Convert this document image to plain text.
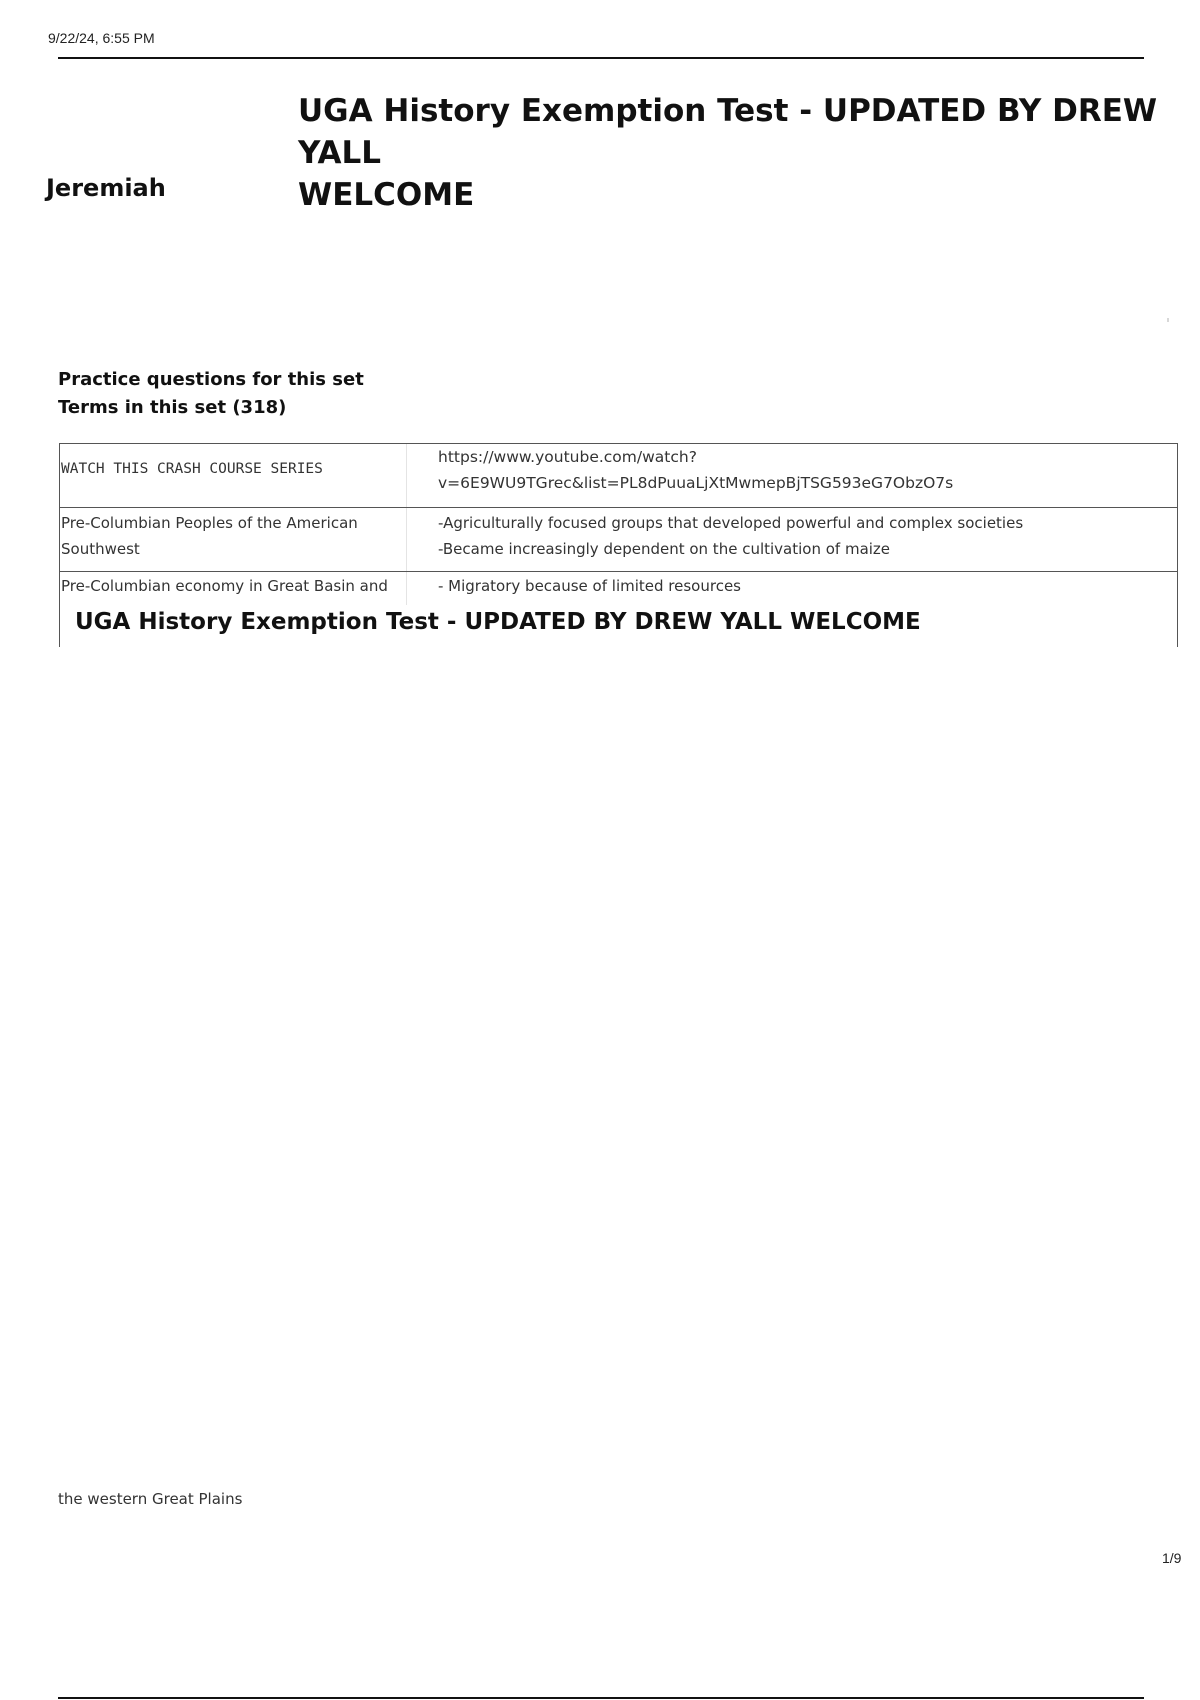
9/22/24, 6:55 PM
UGA History Exemption Test - UPDATED BY DREW YALL
WELCOME
Jeremiah
Practice questions for this set
Terms in this set (318)
WATCH THIS CRASH COURSE SERIES
https://www.youtube.com/watch?
v=6E9WU9TGrec&list=PL8dPuuaLjXtMwmepBjTSG593eG7ObzO7s
Pre-Columbian Peoples of the American
Southwest
-Agriculturally focused groups that developed powerful and complex societies
-Became increasingly dependent on the cultivation of maize
Pre-Columbian economy in Great Basin and	- Migratory because of limited resources
UGA History Exemption Test - UPDATED BY DREW YALL WELCOME
the western Great Plains
1/9
